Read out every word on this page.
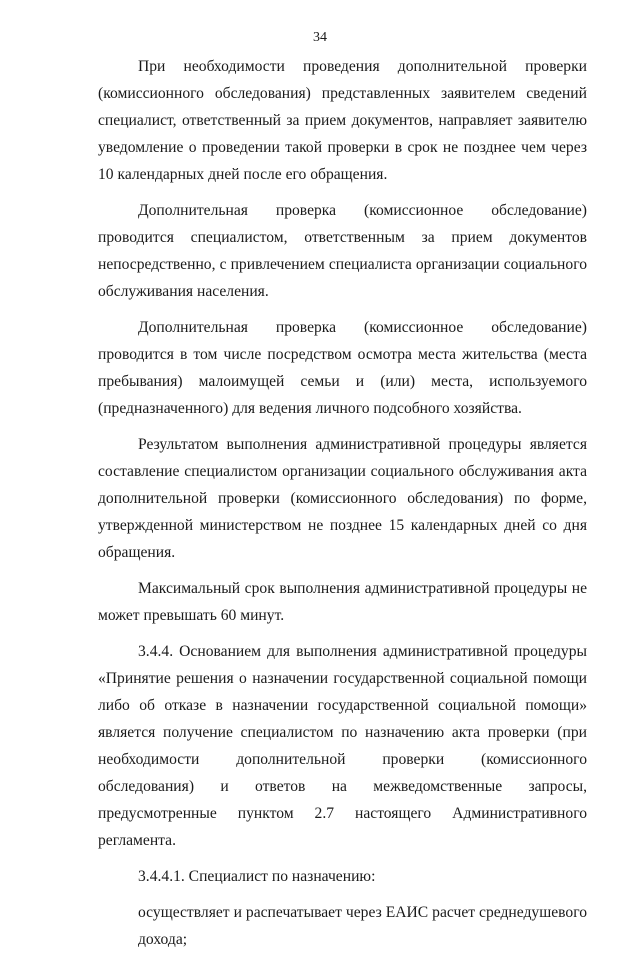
34

При необходимости проведения дополнительной проверки (комиссионного обследования) представленных заявителем сведений специалист, ответственный за прием документов, направляет заявителю уведомление о проведении такой проверки в срок не позднее чем через 10 календарных дней после его обращения.

Дополнительная проверка (комиссионное обследование) проводится специалистом, ответственным за прием документов непосредственно, с привлечением специалиста организации социального обслуживания населения.

Дополнительная проверка (комиссионное обследование) проводится в том числе посредством осмотра места жительства (места пребывания) малоимущей семьи и (или) места, используемого (предназначенного) для ведения личного подсобного хозяйства.

Результатом выполнения административной процедуры является составление специалистом организации социального обслуживания акта дополнительной проверки (комиссионного обследования) по форме, утвержденной министерством не позднее 15 календарных дней со дня обращения.

Максимальный срок выполнения административной процедуры не может превышать 60 минут.

3.4.4. Основанием для выполнения административной процедуры «Принятие решения о назначении государственной социальной помощи либо об отказе в назначении государственной социальной помощи» является получение специалистом по назначению акта проверки (при необходимости дополнительной проверки (комиссионного обследования) и ответов на межведомственные запросы, предусмотренные пунктом 2.7 настоящего Административного регламента.

3.4.4.1. Специалист по назначению:

осуществляет и распечатывает через ЕАИС расчет среднедушевого дохода;
